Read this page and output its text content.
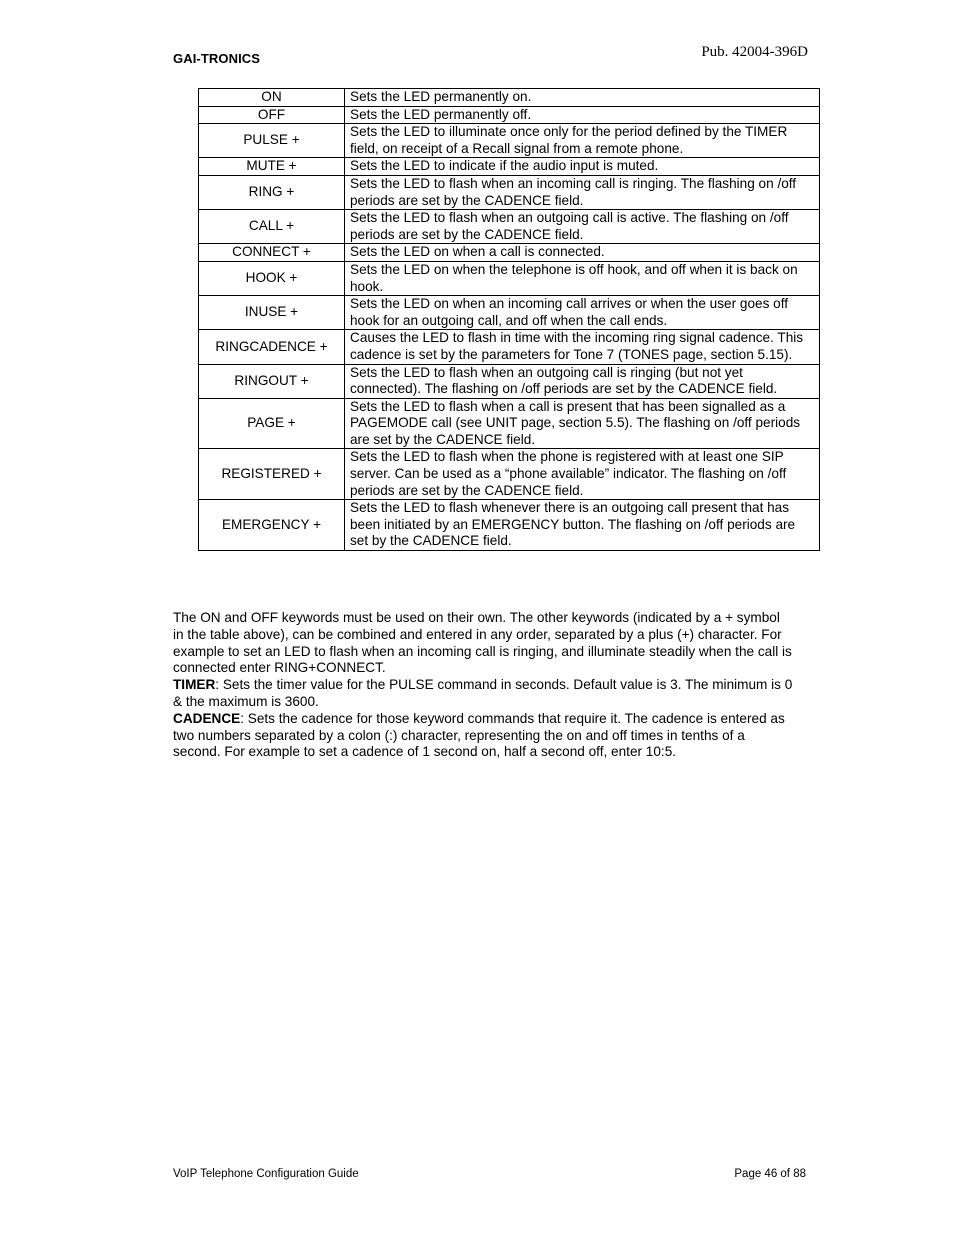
GAI-TRONICS	Pub. 42004-396D
ON	Sets the LED permanently on.
OFF	Sets the LED permanently off.
PULSE +	Sets the LED to illuminate once only for the period defined by the TIMER field, on receipt of a Recall signal from a remote phone.
MUTE +	Sets the LED to indicate if the audio input is muted.
RING +	Sets the LED to flash when an incoming call is ringing. The flashing on /off periods are set by the CADENCE field.
CALL +	Sets the LED to flash when an outgoing call is active. The flashing on /off periods are set by the CADENCE field.
CONNECT +	Sets the LED on when a call is connected.
HOOK +	Sets the LED on when the telephone is off hook, and off when it is back on hook.
INUSE +	Sets the LED on when an incoming call arrives or when the user goes off hook for an outgoing call, and off when the call ends.
RINGCADENCE +	Causes the LED to flash in time with the incoming ring signal cadence. This cadence is set by the parameters for Tone 7 (TONES page, section 5.15).
RINGOUT +	Sets the LED to flash when an outgoing call is ringing (but not yet connected). The flashing on /off periods are set by the CADENCE field.
PAGE +	Sets the LED to flash when a call is present that has been signalled as a PAGEMODE call (see UNIT page, section 5.5). The flashing on /off periods are set by the CADENCE field.
REGISTERED +	Sets the LED to flash when the phone is registered with at least one SIP server. Can be used as a “phone available” indicator. The flashing on /off periods are set by the CADENCE field.
EMERGENCY +	Sets the LED to flash whenever there is an outgoing call present that has been initiated by an EMERGENCY button. The flashing on /off periods are set by the CADENCE field.

The ON and OFF keywords must be used on their own. The other keywords (indicated by a + symbol in the table above), can be combined and entered in any order, separated by a plus (+) character. For example to set an LED to flash when an incoming call is ringing, and illuminate steadily when the call is connected enter RING+CONNECT.

TIMER: Sets the timer value for the PULSE command in seconds. Default value is 3. The minimum is 0 & the maximum is 3600.

CADENCE: Sets the cadence for those keyword commands that require it. The cadence is entered as two numbers separated by a colon (:) character, representing the on and off times in tenths of a second. For example to set a cadence of 1 second on, half a second off, enter 10:5.

VoIP Telephone Configuration Guide	Page 46 of 88
